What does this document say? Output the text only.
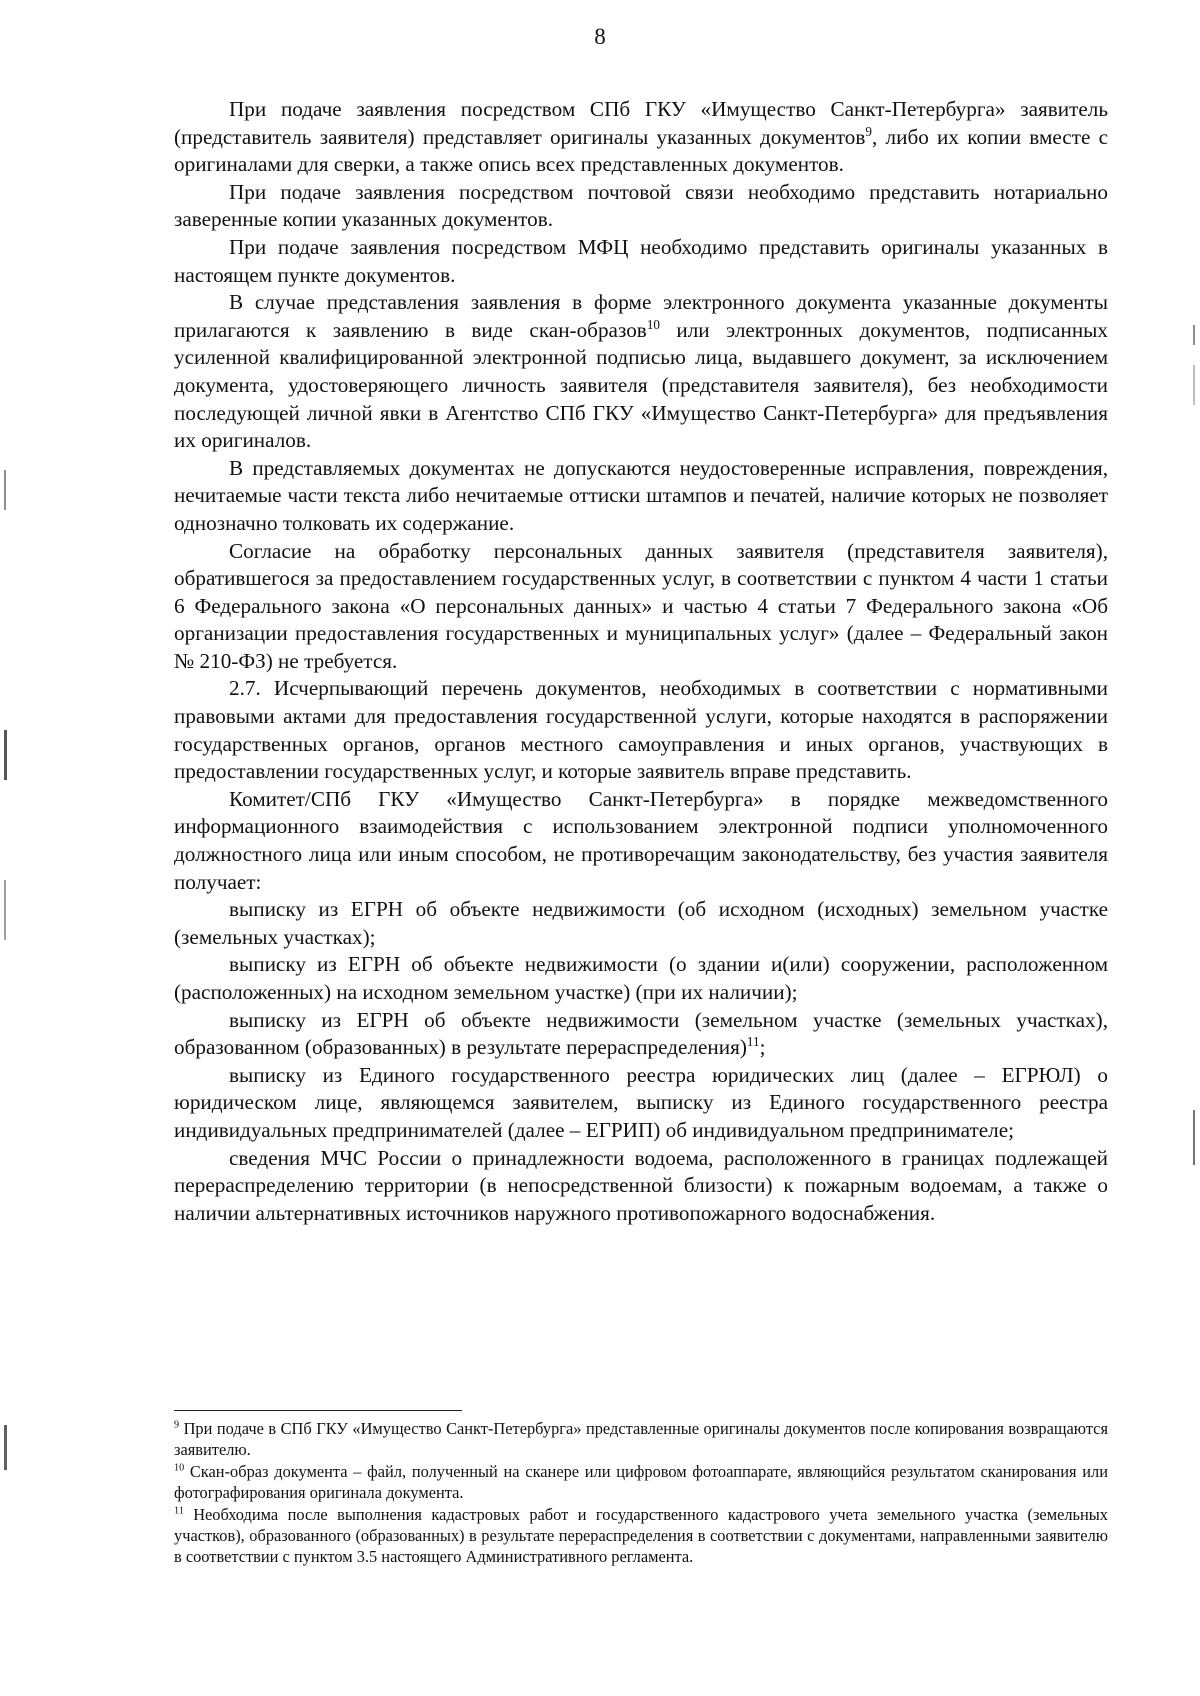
8

При подаче заявления посредством СПб ГКУ «Имущество Санкт-Петербурга» заявитель (представитель заявителя) представляет оригиналы указанных документов$^9$, либо их копии вместе с оригиналами для сверки, а также опись всех представленных документов.

При подаче заявления посредством почтовой связи необходимо представить нотариально заверенные копии указанных документов.

При подаче заявления посредством МФЦ необходимо представить оригиналы указанных в настоящем пункте документов.

В случае представления заявления в форме электронного документа указанные документы прилагаются к заявлению в виде скан-образов$^{10}$ или электронных документов, подписанных усиленной квалифицированной электронной подписью лица, выдавшего документ, за исключением документа, удостоверяющего личность заявителя (представителя заявителя), без необходимости последующей личной явки в Агентство СПб ГКУ «Имущество Санкт-Петербурга» для предъявления их оригиналов.

В представляемых документах не допускаются неудостоверенные исправления, повреждения, нечитаемые части текста либо нечитаемые оттиски штампов и печатей, наличие которых не позволяет однозначно толковать их содержание.

Согласие на обработку персональных данных заявителя (представителя заявителя), обратившегося за предоставлением государственных услуг, в соответствии с пунктом 4 части 1 статьи 6 Федерального закона «О персональных данных» и частью 4 статьи 7 Федерального закона «Об организации предоставления государственных и муниципальных услуг» (далее – Федеральный закон № 210-ФЗ) не требуется.

2.7. Исчерпывающий перечень документов, необходимых в соответствии с нормативными правовыми актами для предоставления государственной услуги, которые находятся в распоряжении государственных органов, органов местного самоуправления и иных органов, участвующих в предоставлении государственных услуг, и которые заявитель вправе представить.

Комитет/СПб ГКУ «Имущество Санкт-Петербурга» в порядке межведомственного информационного взаимодействия с использованием электронной подписи уполномоченного должностного лица или иным способом, не противоречащим законодательству, без участия заявителя получает:

выписку из ЕГРН об объекте недвижимости (об исходном (исходных) земельном участке (земельных участках);

выписку из ЕГРН об объекте недвижимости (о здании и(или) сооружении, расположенном (расположенных) на исходном земельном участке) (при их наличии);

выписку из ЕГРН об объекте недвижимости (земельном участке (земельных участках), образованном (образованных) в результате перераспределения)$^{11}$;

выписку из Единого государственного реестра юридических лиц (далее – ЕГРЮЛ) о юридическом лице, являющемся заявителем, выписку из Единого государственного реестра индивидуальных предпринимателей (далее – ЕГРИП) об индивидуальном предпринимателе;

сведения МЧС России о принадлежности водоема, расположенного в границах подлежащей перераспределению территории (в непосредственной близости) к пожарным водоемам, а также о наличии альтернативных источников наружного противопожарного водоснабжения.

$^9$ При подаче в СПб ГКУ «Имущество Санкт-Петербурга» представленные оригиналы документов после копирования возвращаются заявителю.

$^{10}$ Скан-образ документа – файл, полученный на сканере или цифровом фотоаппарате, являющийся результатом сканирования или фотографирования оригинала документа.

$^{11}$ Необходима после выполнения кадастровых работ и государственного кадастрового учета земельного участка (земельных участков), образованного (образованных) в результате перераспределения в соответствии с документами, направленными заявителю в соответствии с пунктом 3.5 настоящего Административного регламента.
